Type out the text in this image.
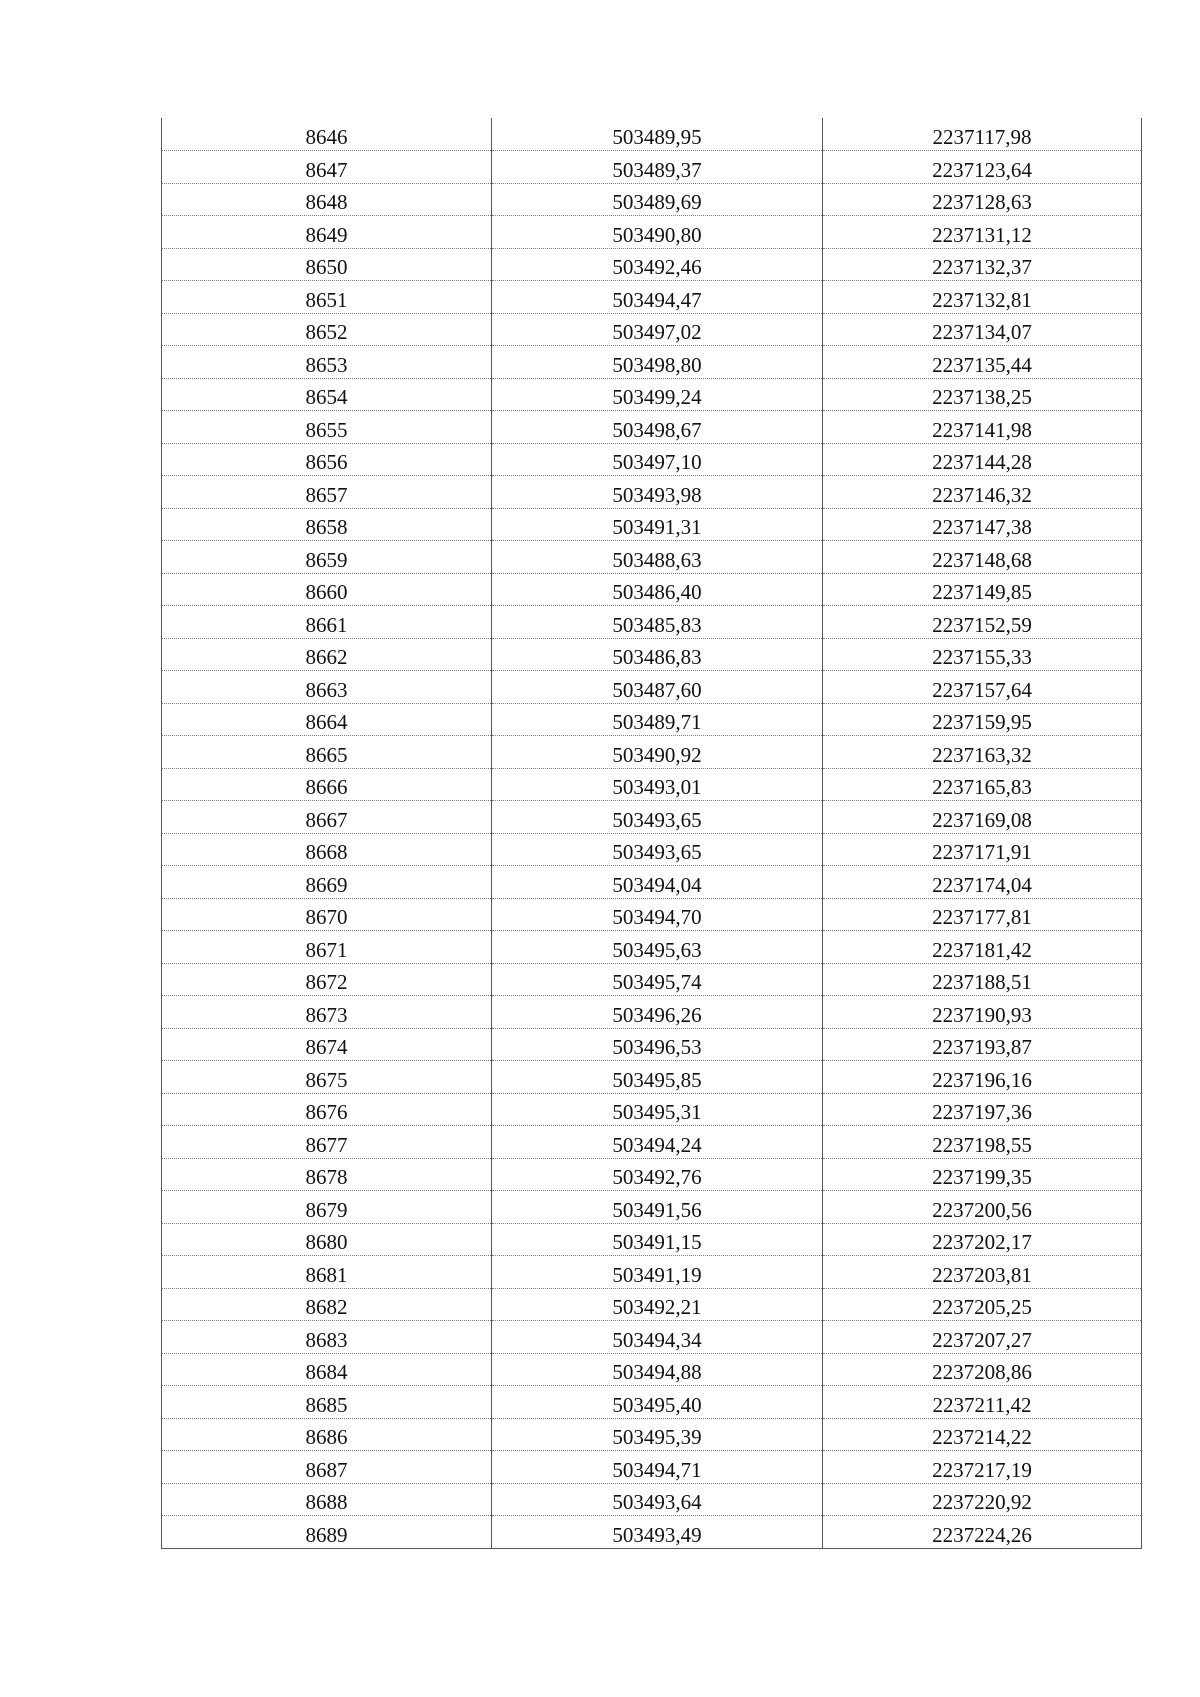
8646	503489,95	2237117,98
8647	503489,37	2237123,64
8648	503489,69	2237128,63
8649	503490,80	2237131,12
8650	503492,46	2237132,37
8651	503494,47	2237132,81
8652	503497,02	2237134,07
8653	503498,80	2237135,44
8654	503499,24	2237138,25
8655	503498,67	2237141,98
8656	503497,10	2237144,28
8657	503493,98	2237146,32
8658	503491,31	2237147,38
8659	503488,63	2237148,68
8660	503486,40	2237149,85
8661	503485,83	2237152,59
8662	503486,83	2237155,33
8663	503487,60	2237157,64
8664	503489,71	2237159,95
8665	503490,92	2237163,32
8666	503493,01	2237165,83
8667	503493,65	2237169,08
8668	503493,65	2237171,91
8669	503494,04	2237174,04
8670	503494,70	2237177,81
8671	503495,63	2237181,42
8672	503495,74	2237188,51
8673	503496,26	2237190,93
8674	503496,53	2237193,87
8675	503495,85	2237196,16
8676	503495,31	2237197,36
8677	503494,24	2237198,55
8678	503492,76	2237199,35
8679	503491,56	2237200,56
8680	503491,15	2237202,17
8681	503491,19	2237203,81
8682	503492,21	2237205,25
8683	503494,34	2237207,27
8684	503494,88	2237208,86
8685	503495,40	2237211,42
8686	503495,39	2237214,22
8687	503494,71	2237217,19
8688	503493,64	2237220,92
8689	503493,49	2237224,26
